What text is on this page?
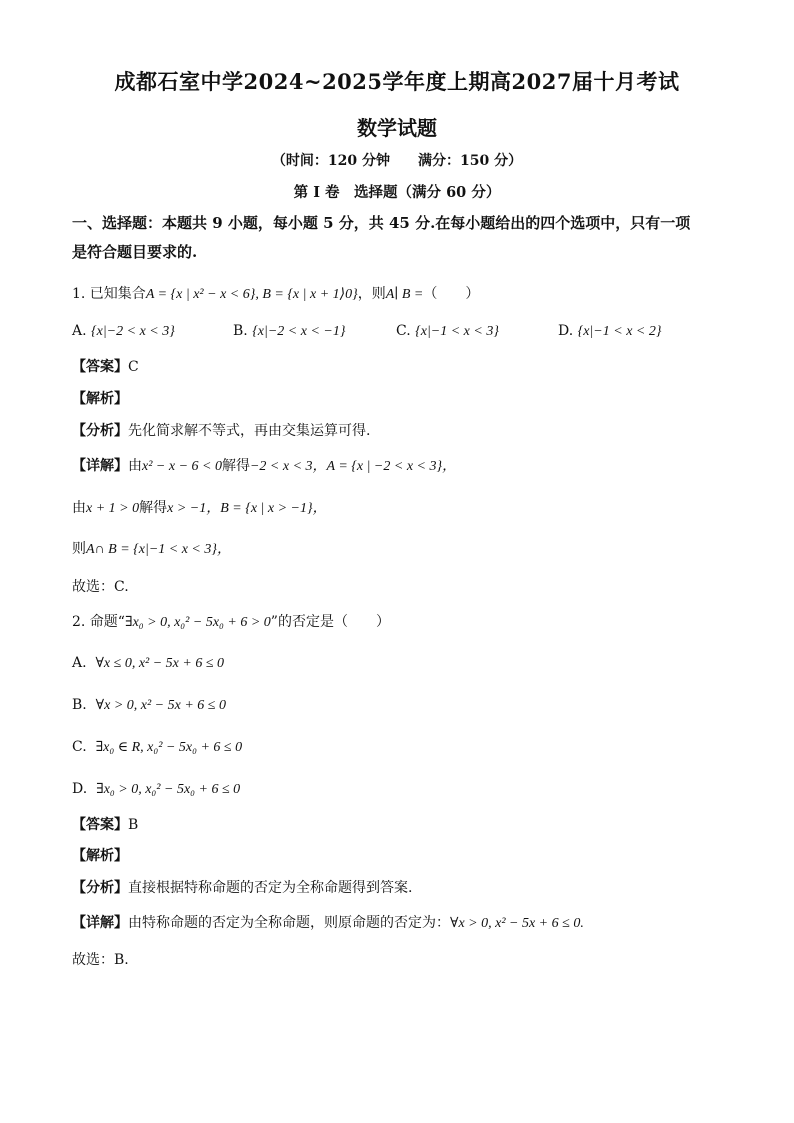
成都石室中学2024~2025学年度上期高2027届十月考试
数学试题
（时间：120 分钟　　满分：150 分）
第 I 卷　选择题（满分 60 分）
一、选择题：本题共 9 小题，每小题 5 分，共 45 分.在每小题给出的四个选项中，只有一项
是符合题目要求的.
1. 已知集合A = {x | x² − x < 6}, B = {x | x + 1⟩0}，则A∣ B =（　　）
A. {x|−2 < x < 3}	B. {x|−2 < x < −1}	C. {x|−1 < x < 3}	D. {x|−1 < x < 2}
【答案】C
【解析】
【分析】先化简求解不等式，再由交集运算可得.
【详解】由x² − x − 6 < 0解得−2 < x < 3，A = {x | −2 < x < 3}，
由x + 1 > 0解得x > −1，B = {x | x > −1}，
则A∩ B = {x|−1 < x < 3}，
故选：C.
2. 命题“∃x₀ > 0, x₀² − 5x₀ + 6 > 0”的否定是（　　）
A. ∀x ≤ 0, x² − 5x + 6 ≤ 0
B. ∀x > 0, x² − 5x + 6 ≤ 0
C. ∃x₀ ∈ R, x₀² − 5x₀ + 6 ≤ 0
D. ∃x₀ > 0, x₀² − 5x₀ + 6 ≤ 0
【答案】B
【解析】
【分析】直接根据特称命题的否定为全称命题得到答案.
【详解】由特称命题的否定为全称命题，则原命题的否定为：∀x > 0, x² − 5x + 6 ≤ 0.
故选：B.
